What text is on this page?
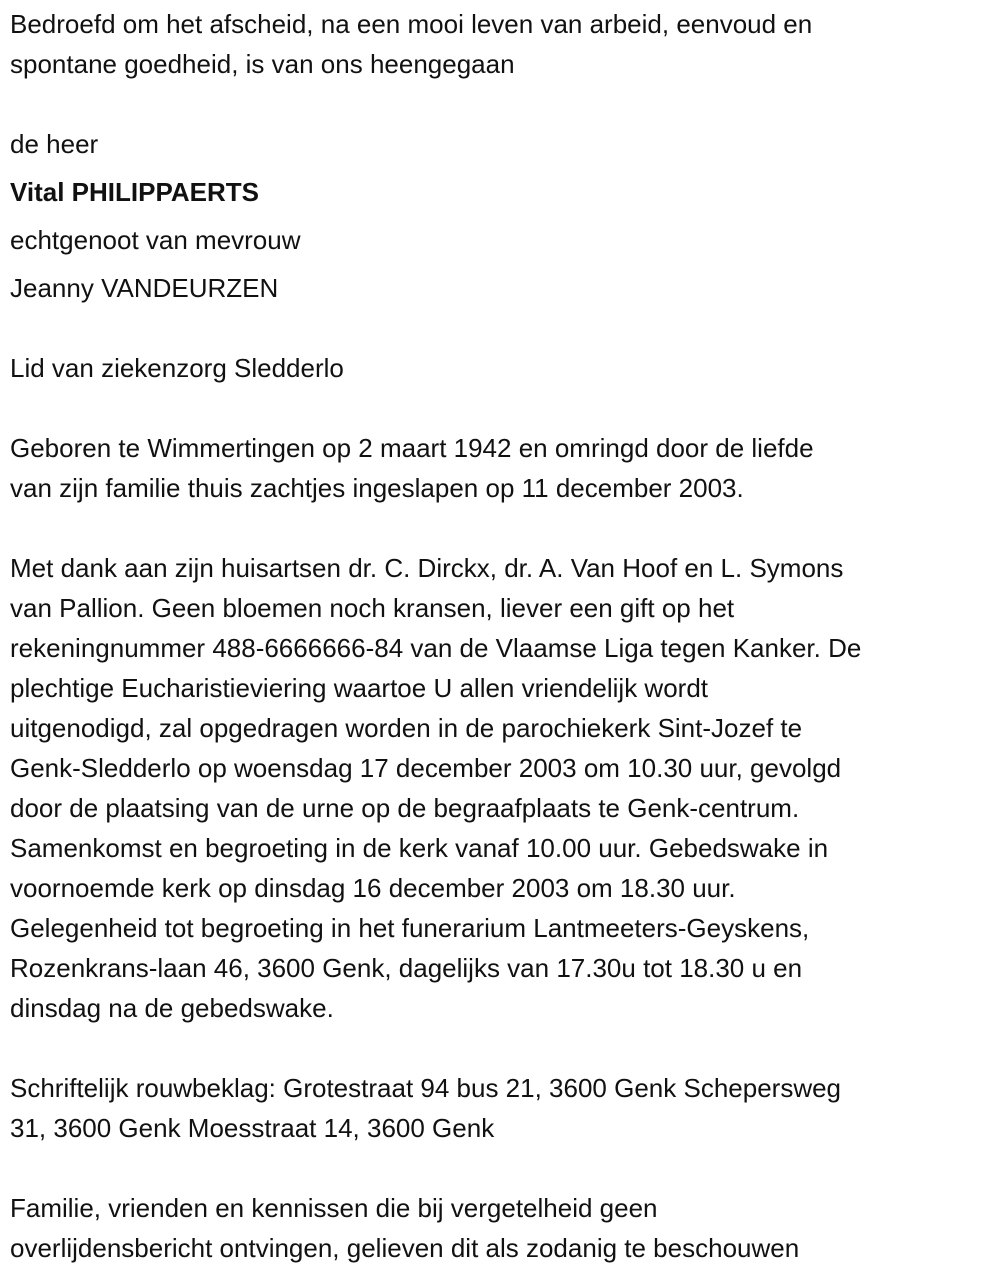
Bedroefd om het afscheid, na een mooi leven van arbeid, eenvoud en
spontane goedheid, is van ons heengegaan
de heer
Vital PHILIPPAERTS
echtgenoot van mevrouw
Jeanny VANDEURZEN
Lid van ziekenzorg Sledderlo
Geboren te Wimmertingen op 2 maart 1942 en omringd door de liefde
van zijn familie thuis zachtjes ingeslapen op 11 december 2003.
Met dank aan zijn huisartsen dr. C. Dirckx, dr. A. Van Hoof en L. Symons
van Pallion. Geen bloemen noch kransen, liever een gift op het
rekeningnummer 488-6666666-84 van de Vlaamse Liga tegen Kanker. De
plechtige Eucharistieviering waartoe U allen vriendelijk wordt
uitgenodigd, zal opgedragen worden in de parochiekerk Sint-Jozef te
Genk-Sledderlo op woensdag 17 december 2003 om 10.30 uur, gevolgd
door de plaatsing van de urne op de begraafplaats te Genk-centrum.
Samenkomst en begroeting in de kerk vanaf 10.00 uur. Gebedswake in
voornoemde kerk op dinsdag 16 december 2003 om 18.30 uur.
Gelegenheid tot begroeting in het funerarium Lantmeeters-Geyskens,
Rozenkrans-laan 46, 3600 Genk, dagelijks van 17.30u tot 18.30 u en
dinsdag na de gebedswake.
Schriftelijk rouwbeklag: Grotestraat 94 bus 21, 3600 Genk Schepersweg
31, 3600 Genk Moesstraat 14, 3600 Genk
Familie, vrienden en kennissen die bij vergetelheid geen
overlijdensbericht ontvingen, gelieven dit als zodanig te beschouwen
